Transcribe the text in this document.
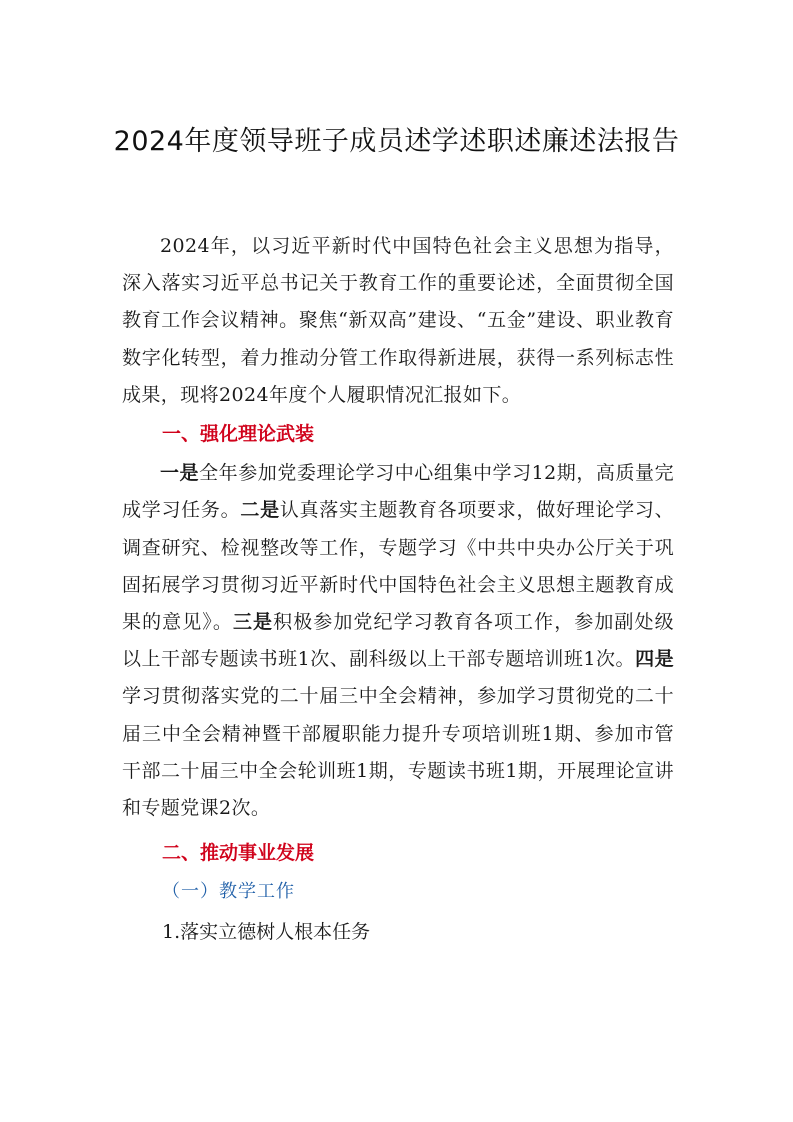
2024年度领导班子成员述学述职述廉述法报告

2024年，以习近平新时代中国特色社会主义思想为指导，深入落实习近平总书记关于教育工作的重要论述，全面贯彻全国教育工作会议精神。聚焦“新双高”建设、“五金”建设、职业教育数字化转型，着力推动分管工作取得新进展，获得一系列标志性成果，现将2024年度个人履职情况汇报如下。

一、强化理论武装

一是全年参加党委理论学习中心组集中学习12期，高质量完成学习任务。二是认真落实主题教育各项要求，做好理论学习、调查研究、检视整改等工作，专题学习《中共中央办公厅关于巩固拓展学习贯彻习近平新时代中国特色社会主义思想主题教育成果的意见》。三是积极参加党纪学习教育各项工作，参加副处级以上干部专题读书班1次、副科级以上干部专题培训班1次。四是学习贯彻落实党的二十届三中全会精神，参加学习贯彻党的二十届三中全会精神暨干部履职能力提升专项培训班1期、参加市管干部二十届三中全会轮训班1期，专题读书班1期，开展理论宣讲和专题党课2次。

二、推动事业发展

（一）教学工作

1.落实立德树人根本任务
